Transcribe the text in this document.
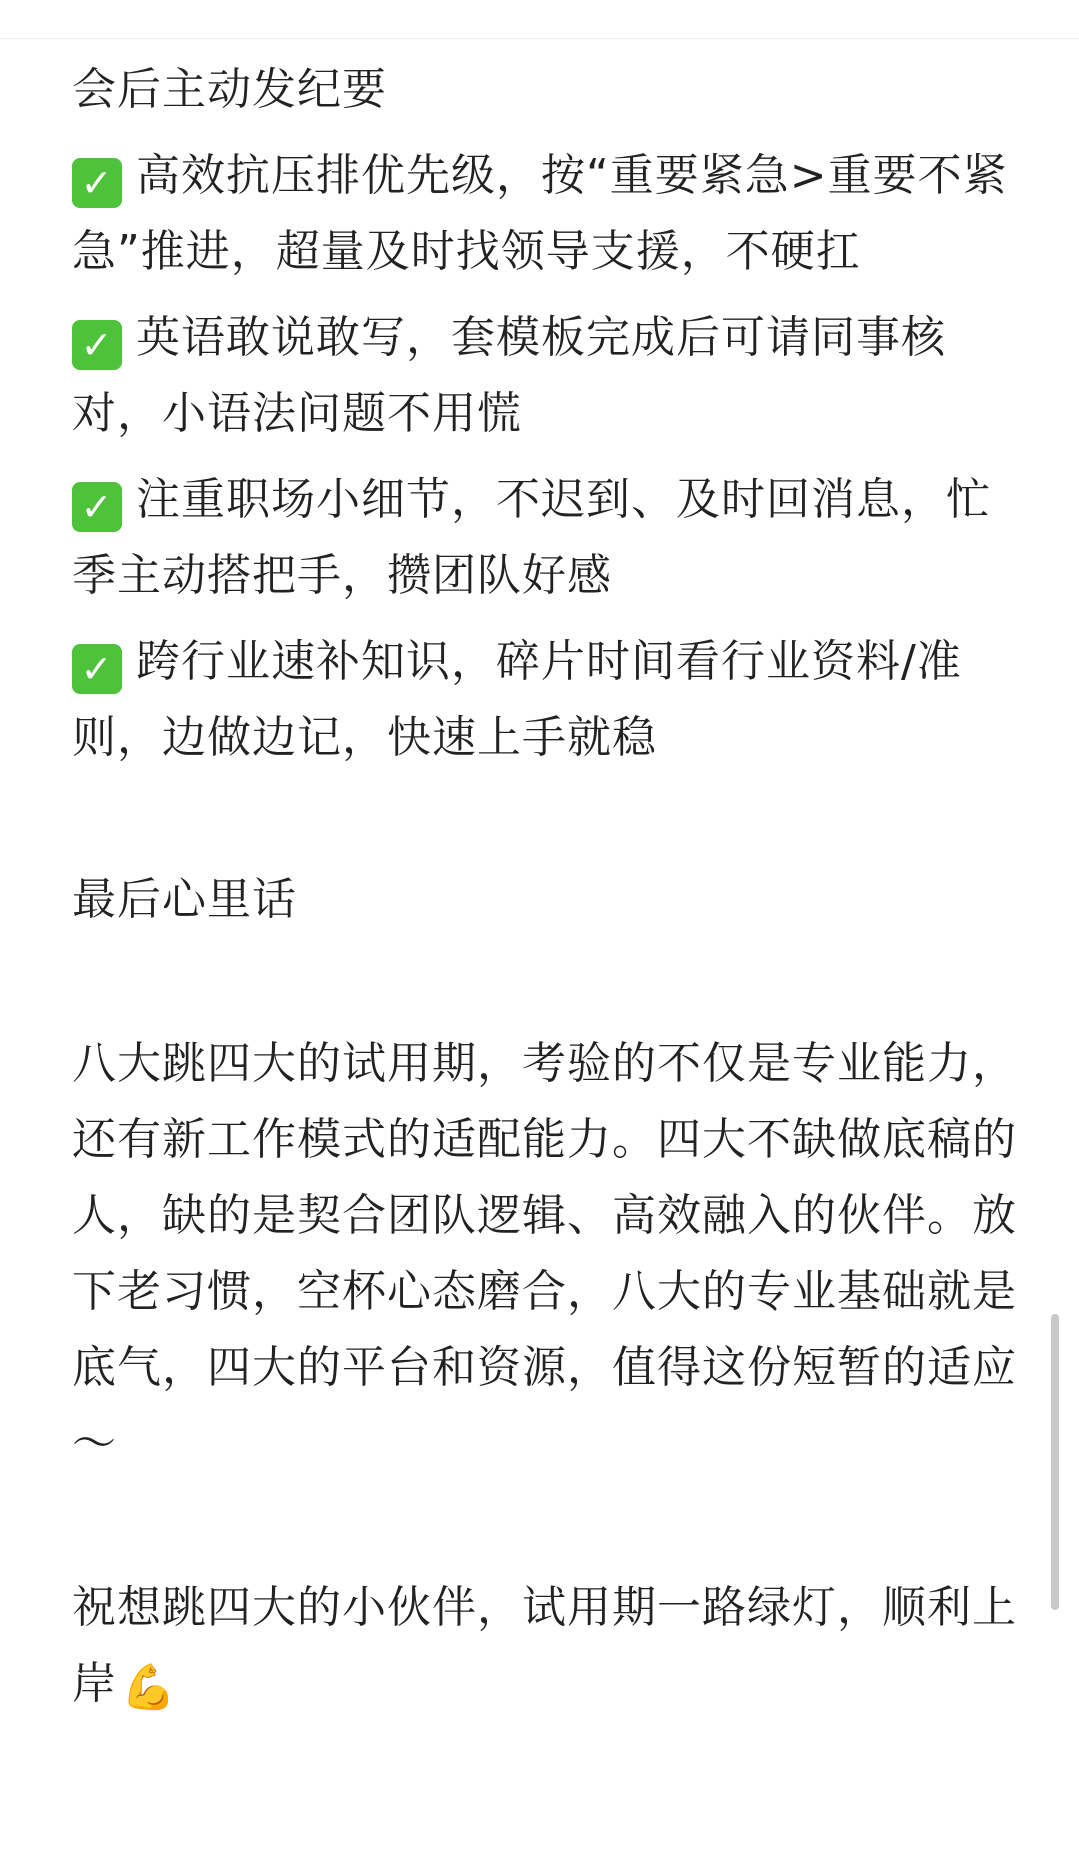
会后主动发纪要

✓ 高效抗压排优先级，按“重要紧急>重要不紧急”推进，超量及时找领导支援，不硬扛

✓ 英语敢说敢写，套模板完成后可请同事核对，小语法问题不用慌

✓ 注重职场小细节，不迟到、及时回消息，忙季主动搭把手，攒团队好感

✓ 跨行业速补知识，碎片时间看行业资料/准则，边做边记，快速上手就稳

最后心里话

八大跳四大的试用期，考验的不仅是专业能力，还有新工作模式的适配能力。四大不缺做底稿的人，缺的是契合团队逻辑、高效融入的伙伴。放下老习惯，空杯心态磨合，八大的专业基础就是底气，四大的平台和资源，值得这份短暂的适应～

祝想跳四大的小伙伴，试用期一路绿灯，顺利上岸💪
